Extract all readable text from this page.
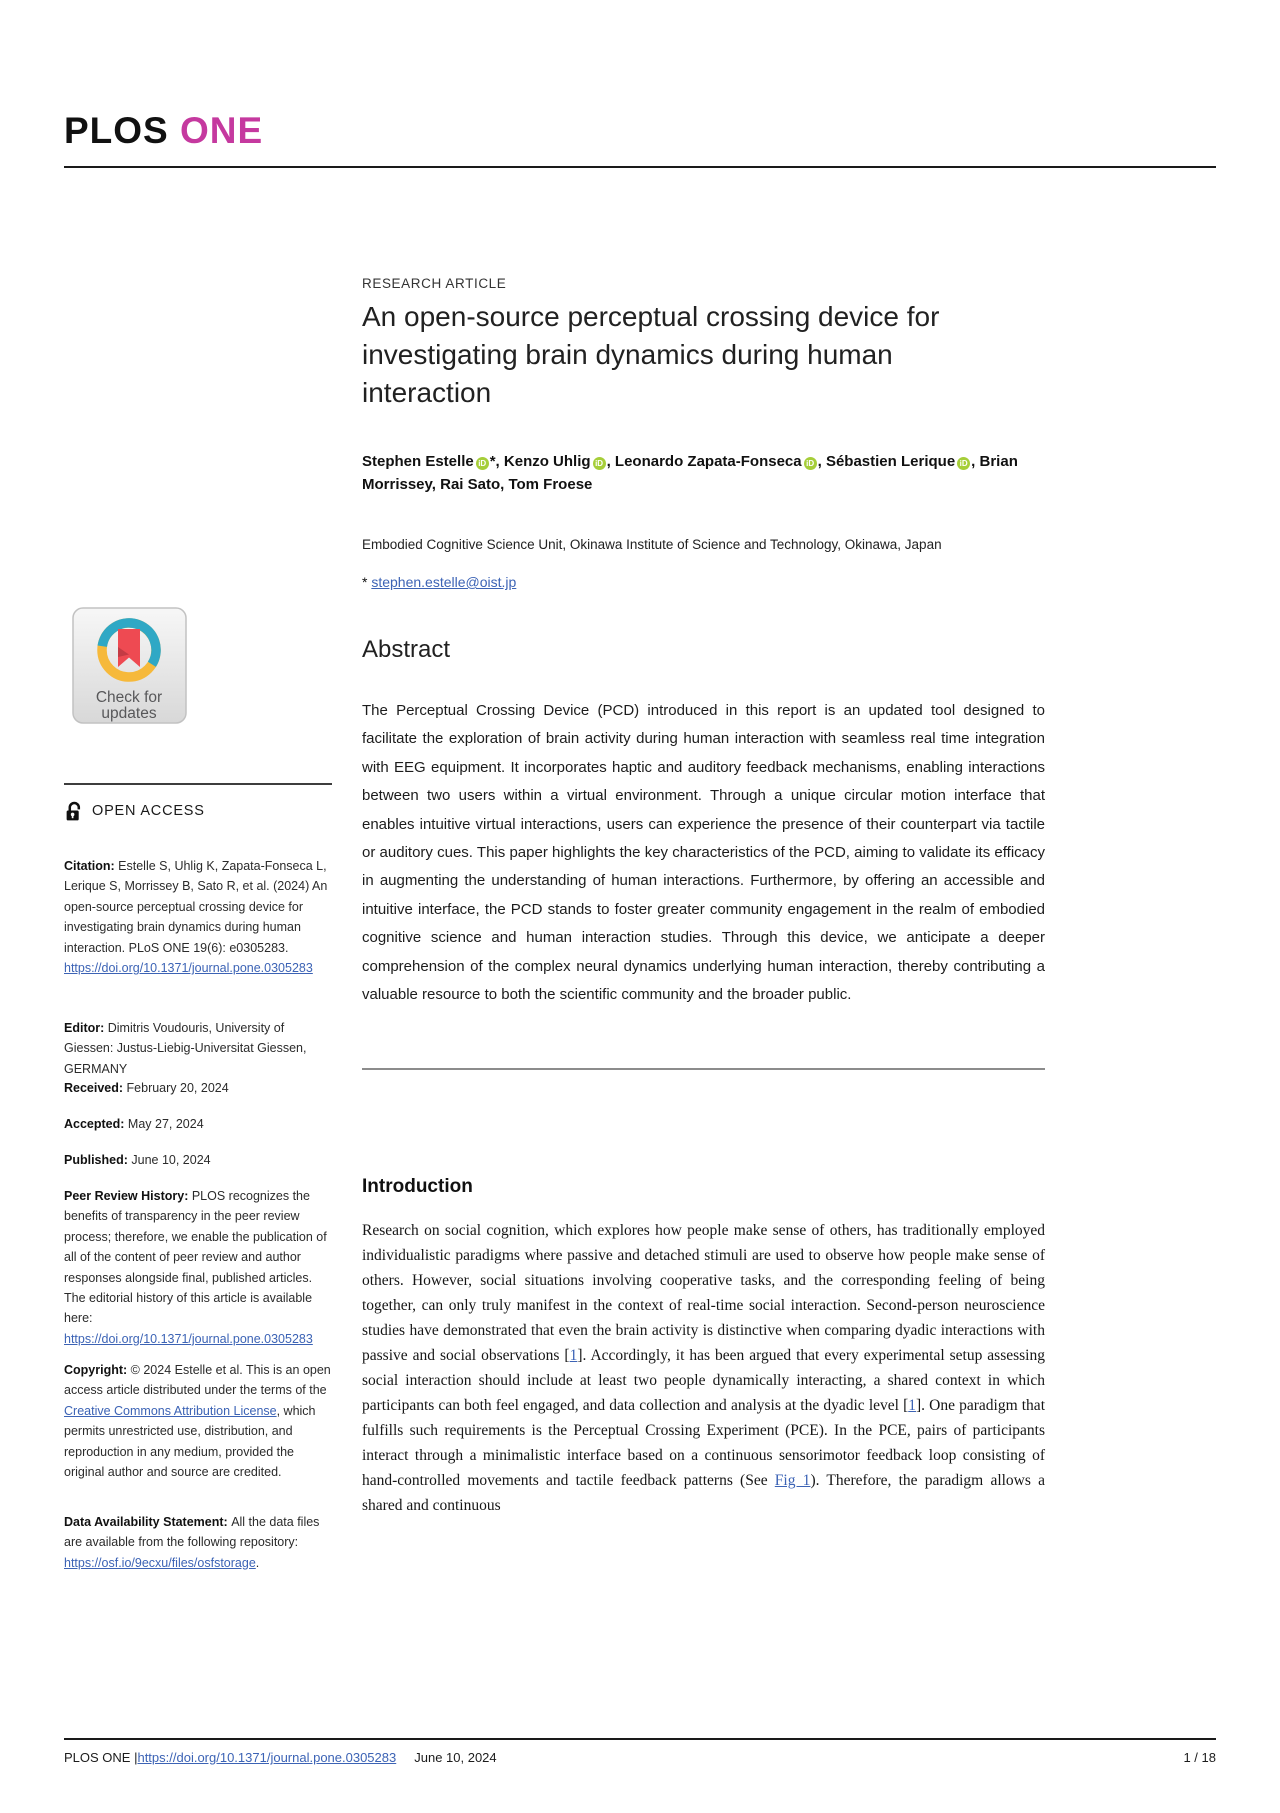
PLOS ONE
Check for
updates
OPEN ACCESS

Citation: Estelle S, Uhlig K, Zapata-Fonseca L, Lerique S, Morrissey B, Sato R, et al. (2024) An open-source perceptual crossing device for investigating brain dynamics during human interaction. PLoS ONE 19(6): e0305283. https://doi.org/10.1371/journal.pone.0305283

Editor: Dimitris Voudouris, University of Giessen: Justus-Liebig-Universitat Giessen, GERMANY

Received: February 20, 2024

Accepted: May 27, 2024

Published: June 10, 2024

Peer Review History: PLOS recognizes the benefits of transparency in the peer review process; therefore, we enable the publication of all of the content of peer review and author responses alongside final, published articles. The editorial history of this article is available here: https://doi.org/10.1371/journal.pone.0305283

Copyright: © 2024 Estelle et al. This is an open access article distributed under the terms of the Creative Commons Attribution License, which permits unrestricted use, distribution, and reproduction in any medium, provided the original author and source are credited.

Data Availability Statement: All the data files are available from the following repository: https://osf.io/9ecxu/files/osfstorage.

RESEARCH ARTICLE
An open-source perceptual crossing device for investigating brain dynamics during human interaction

Stephen Estelle iD *, Kenzo Uhlig iD , Leonardo Zapata-Fonseca iD , Sébastien Lerique iD , Brian Morrissey, Rai Sato, Tom Froese

Embodied Cognitive Science Unit, Okinawa Institute of Science and Technology, Okinawa, Japan

* stephen.estelle@oist.jp

Abstract

The Perceptual Crossing Device (PCD) introduced in this report is an updated tool designed to facilitate the exploration of brain activity during human interaction with seamless real time integration with EEG equipment. It incorporates haptic and auditory feedback mechanisms, enabling interactions between two users within a virtual environment. Through a unique circular motion interface that enables intuitive virtual interactions, users can experience the presence of their counterpart via tactile or auditory cues. This paper highlights the key characteristics of the PCD, aiming to validate its efficacy in augmenting the understanding of human interactions. Furthermore, by offering an accessible and intuitive interface, the PCD stands to foster greater community engagement in the realm of embodied cognitive science and human interaction studies. Through this device, we anticipate a deeper comprehension of the complex neural dynamics underlying human interaction, thereby contributing a valuable resource to both the scientific community and the broader public.

Introduction

Research on social cognition, which explores how people make sense of others, has traditionally employed individualistic paradigms where passive and detached stimuli are used to observe how people make sense of others. However, social situations involving cooperative tasks, and the corresponding feeling of being together, can only truly manifest in the context of real-time social interaction. Second-person neuroscience studies have demonstrated that even the brain activity is distinctive when comparing dyadic interactions with passive and social observations [1]. Accordingly, it has been argued that every experimental setup assessing social interaction should include at least two people dynamically interacting, a shared context in which participants can both feel engaged, and data collection and analysis at the dyadic level [1]. One paradigm that fulfills such requirements is the Perceptual Crossing Experiment (PCE). In the PCE, pairs of participants interact through a minimalistic interface based on a continuous sensorimotor feedback loop consisting of hand-controlled movements and tactile feedback patterns (See Fig 1). Therefore, the paradigm allows a shared and continuous

PLOS ONE | https://doi.org/10.1371/journal.pone.0305283 June 10, 2024	1 / 18
